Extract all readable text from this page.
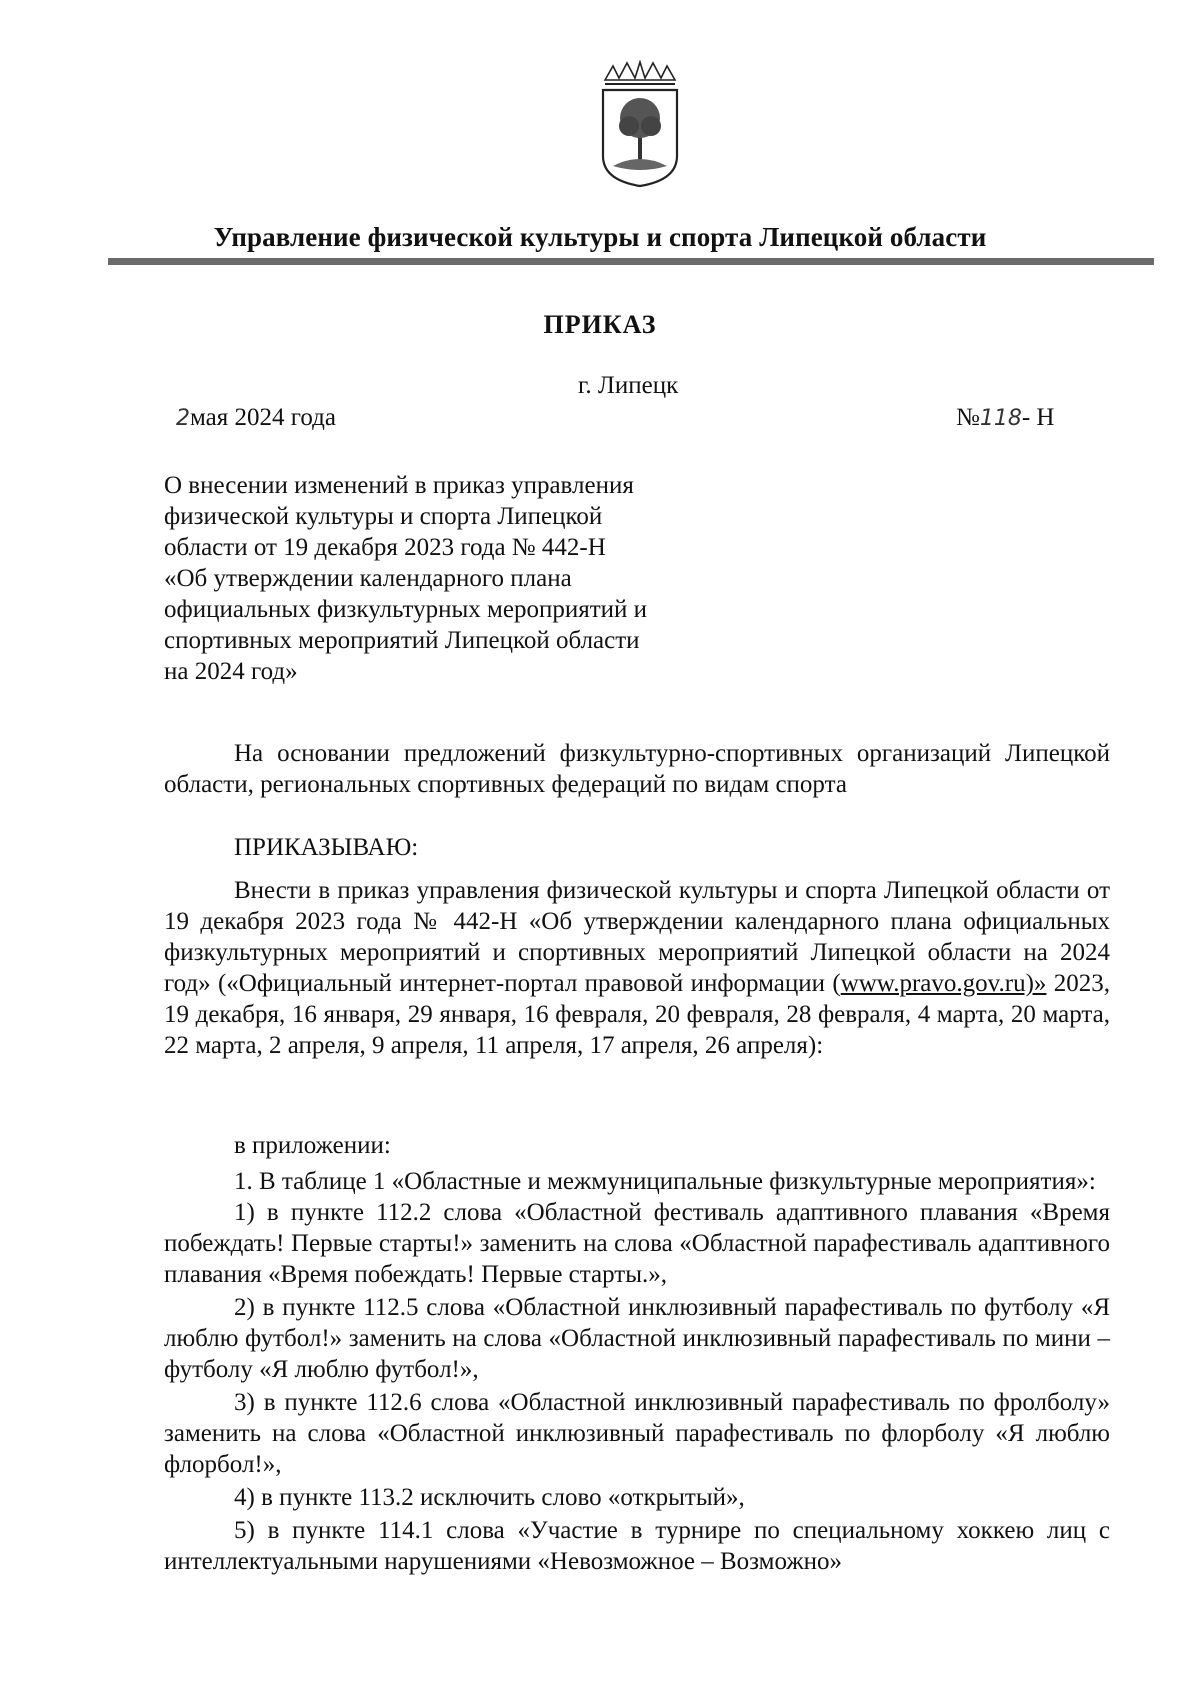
Управление физической культуры и спорта Липецкой области
ПРИКАЗ
г. Липецк
2мая 2024 года	№118- Н
О внесении изменений в приказ управления
физической культуры и спорта Липецкой
области от 19 декабря 2023 года № 442-Н
«Об утверждении календарного плана
официальных физкультурных мероприятий и
спортивных мероприятий Липецкой области
на 2024 год»

На основании предложений физкультурно-спортивных организаций Липецкой области, региональных спортивных федераций по видам спорта

ПРИКАЗЫВАЮ:

Внести в приказ управления физической культуры и спорта Липецкой области от 19 декабря 2023 года № 442-Н «Об утверждении календарного плана официальных физкультурных мероприятий и спортивных мероприятий Липецкой области на 2024 год» («Официальный интернет-портал правовой информации (www.pravo.gov.ru)» 2023, 19 декабря, 16 января, 29 января, 16 февраля, 20 февраля, 28 февраля, 4 марта, 20 марта, 22 марта, 2 апреля, 9 апреля, 11 апреля, 17 апреля, 26 апреля):

в приложении:

1. В таблице 1 «Областные и межмуниципальные физкультурные мероприятия»:

1) в пункте 112.2 слова «Областной фестиваль адаптивного плавания «Время побеждать! Первые старты!» заменить на слова «Областной парафестиваль адаптивного плавания «Время побеждать! Первые старты.»,

2) в пункте 112.5 слова «Областной инклюзивный парафестиваль по футболу «Я люблю футбол!» заменить на слова «Областной инклюзивный парафестиваль по мини – футболу «Я люблю футбол!»,

3) в пункте 112.6 слова «Областной инклюзивный парафестиваль по фролболу» заменить на слова «Областной инклюзивный парафестиваль по флорболу «Я люблю флорбол!»,

4) в пункте 113.2 исключить слово «открытый»,

5) в пункте 114.1 слова «Участие в турнире по специальному хоккею лиц с интеллектуальными нарушениями «Невозможное – Возможно»
